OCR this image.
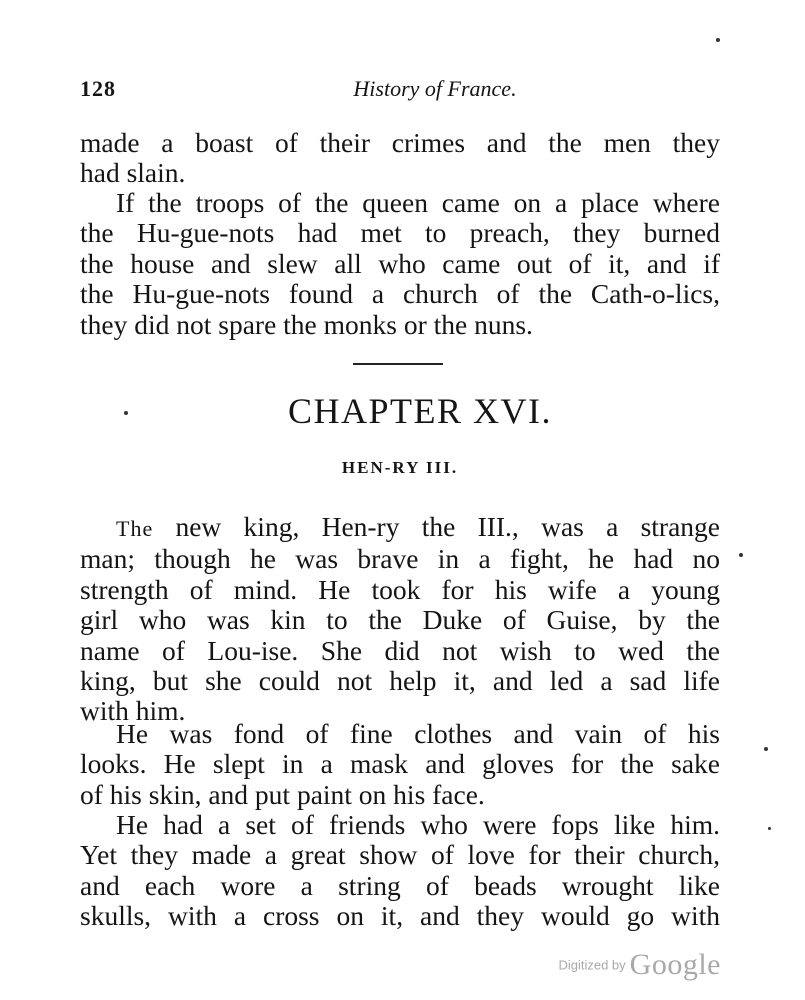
128	History of France.

made a boast of their crimes and the men they
had slain.

If the troops of the queen came on a place where
the Hu-gue-nots had met to preach, they burned
the house and slew all who came out of it, and if
the Hu-gue-nots found a church of the Cath-o-lics,
they did not spare the monks or the nuns.

CHAPTER XVI.
HEN-RY III.

The new king, Hen-ry the III., was a strange
man; though he was brave in a fight, he had no
strength of mind. He took for his wife a young
girl who was kin to the Duke of Guise, by the
name of Lou-ise. She did not wish to wed the
king, but she could not help it, and led a sad life
with him.

He was fond of fine clothes and vain of his
looks. He slept in a mask and gloves for the sake
of his skin, and put paint on his face.

He had a set of friends who were fops like him.
Yet they made a great show of love for their church,
and each wore a string of beads wrought like
skulls, with a cross on it, and they would go with

Digitized by Google
